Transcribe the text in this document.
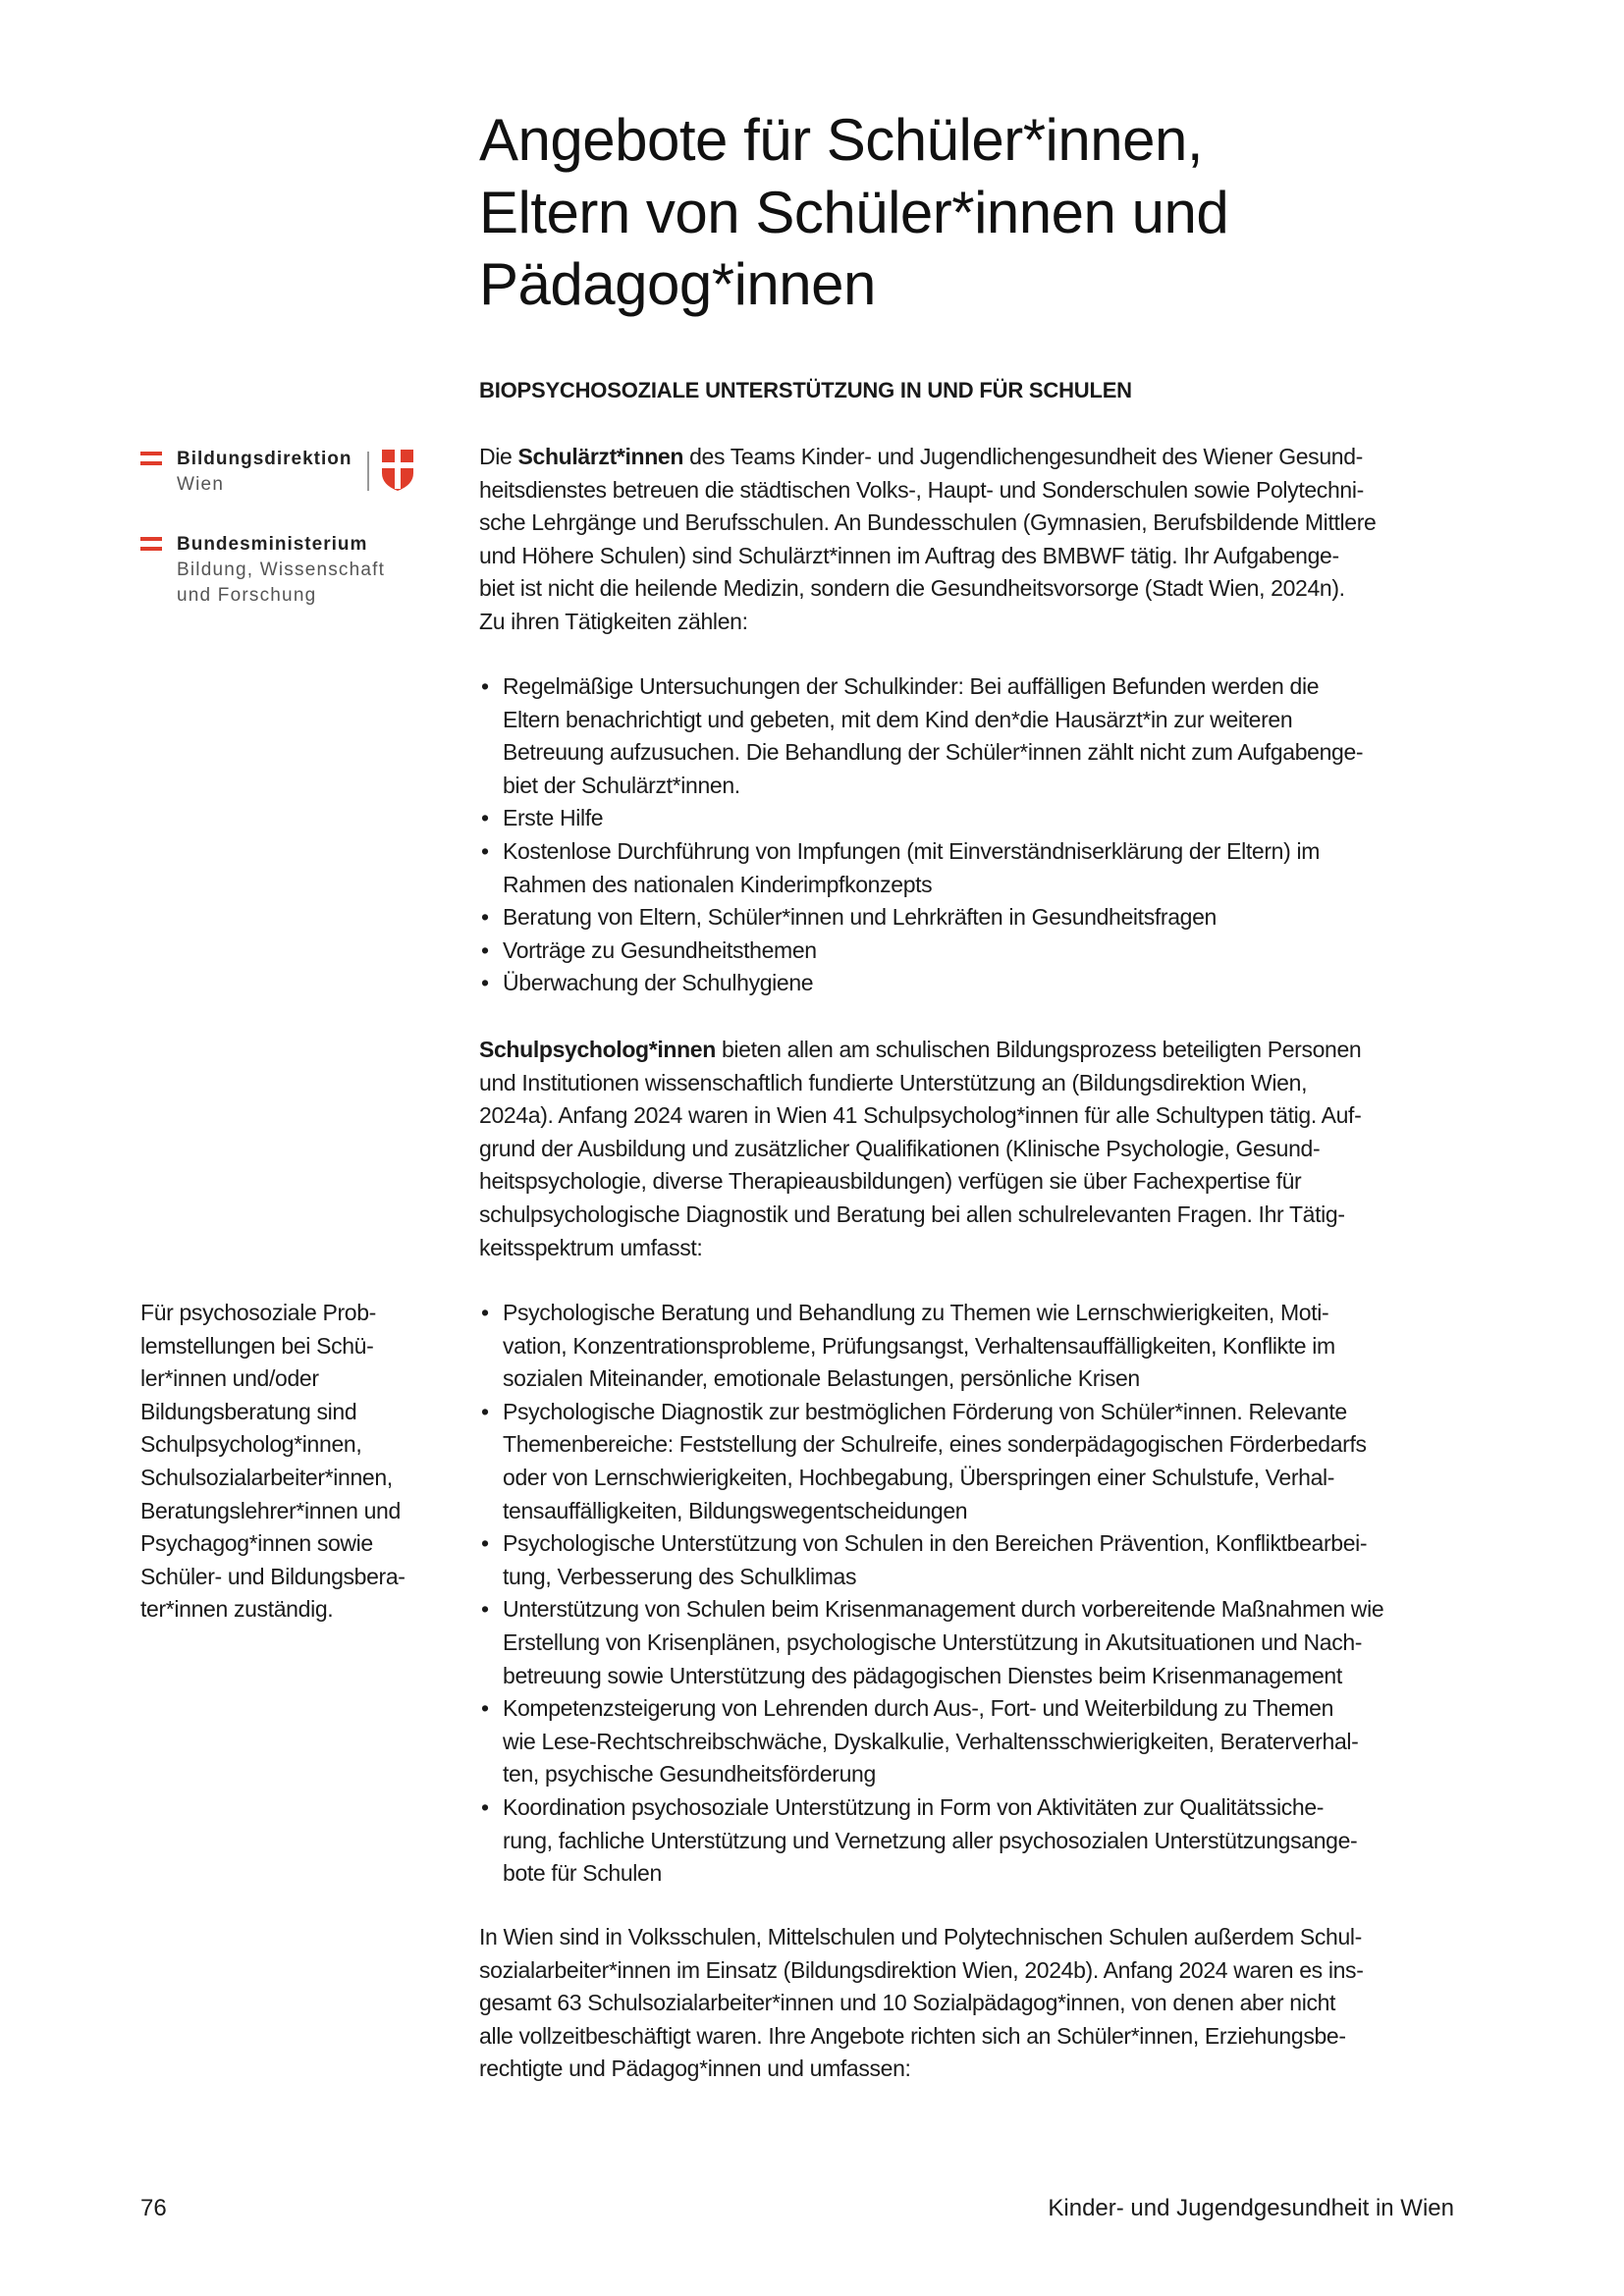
Angebote für Schüler*innen,
Eltern von Schüler*innen und
Pädagog*innen
BIOPSYCHOSOZIALE UNTERSTÜTZUNG IN UND FÜR SCHULEN
Bildungsdirektion
Wien
Bundesministerium
Bildung, Wissenschaft
und Forschung
Die Schulärzt*innen des Teams Kinder- und Jugendlichengesundheit des Wiener Gesund-
heitsdienstes betreuen die städtischen Volks-, Haupt- und Sonderschulen sowie Polytechni-
sche Lehrgänge und Berufsschulen. An Bundesschulen (Gymnasien, Berufsbildende Mittlere
und Höhere Schulen) sind Schulärzt*innen im Auftrag des BMBWF tätig. Ihr Aufgabenge-
biet ist nicht die heilende Medizin, sondern die Gesundheitsvorsorge (Stadt Wien, 2024n).
Zu ihren Tätigkeiten zählen:
• Regelmäßige Untersuchungen der Schulkinder: Bei auffälligen Befunden werden die
Eltern benachrichtigt und gebeten, mit dem Kind den*die Hausärzt*in zur weiteren
Betreuung aufzusuchen. Die Behandlung der Schüler*innen zählt nicht zum Aufgabenge-
biet der Schulärzt*innen.
• Erste Hilfe
• Kostenlose Durchführung von Impfungen (mit Einverständniserklärung der Eltern) im
Rahmen des nationalen Kinderimpfkonzepts
• Beratung von Eltern, Schüler*innen und Lehrkräften in Gesundheitsfragen
• Vorträge zu Gesundheitsthemen
• Überwachung der Schulhygiene
Schulpsycholog*innen bieten allen am schulischen Bildungsprozess beteiligten Personen
und Institutionen wissenschaftlich fundierte Unterstützung an (Bildungsdirektion Wien,
2024a). Anfang 2024 waren in Wien 41 Schulpsycholog*innen für alle Schultypen tätig. Auf-
grund der Ausbildung und zusätzlicher Qualifikationen (Klinische Psychologie, Gesund-
heitspsychologie, diverse Therapieausbildungen) verfügen sie über Fachexpertise für
schulpsychologische Diagnostik und Beratung bei allen schulrelevanten Fragen. Ihr Tätig-
keitsspektrum umfasst:
Für psychosoziale Prob-
lemstellungen bei Schü-
ler*innen und/oder
Bildungsberatung sind
Schulpsycholog*innen,
Schulsozialarbeiter*innen,
Beratungslehrer*innen und
Psychagog*innen sowie
Schüler- und Bildungsbera-
ter*innen zuständig.
• Psychologische Beratung und Behandlung zu Themen wie Lernschwierigkeiten, Moti-
vation, Konzentrationsprobleme, Prüfungsangst, Verhaltensauffälligkeiten, Konflikte im
sozialen Miteinander, emotionale Belastungen, persönliche Krisen
• Psychologische Diagnostik zur bestmöglichen Förderung von Schüler*innen. Relevante
Themenbereiche: Feststellung der Schulreife, eines sonderpädagogischen Förderbedarfs
oder von Lernschwierigkeiten, Hochbegabung, Überspringen einer Schulstufe, Verhal-
tensauffälligkeiten, Bildungswegentscheidungen
• Psychologische Unterstützung von Schulen in den Bereichen Prävention, Konfliktbearbei-
tung, Verbesserung des Schulklimas
• Unterstützung von Schulen beim Krisenmanagement durch vorbereitende Maßnahmen wie
Erstellung von Krisenplänen, psychologische Unterstützung in Akutsituationen und Nach-
betreuung sowie Unterstützung des pädagogischen Dienstes beim Krisenmanagement
• Kompetenzsteigerung von Lehrenden durch Aus-, Fort- und Weiterbildung zu Themen
wie Lese-Rechtschreibschwäche, Dyskalkulie, Verhaltensschwierigkeiten, Beraterverhal-
ten, psychische Gesundheitsförderung
• Koordination psychosoziale Unterstützung in Form von Aktivitäten zur Qualitätssiche-
rung, fachliche Unterstützung und Vernetzung aller psychosozialen Unterstützungsange-
bote für Schulen
In Wien sind in Volksschulen, Mittelschulen und Polytechnischen Schulen außerdem Schul-
sozialarbeiter*innen im Einsatz (Bildungsdirektion Wien, 2024b). Anfang 2024 waren es ins-
gesamt 63 Schulsozialarbeiter*innen und 10 Sozialpädagog*innen, von denen aber nicht
alle vollzeitbeschäftigt waren. Ihre Angebote richten sich an Schüler*innen, Erziehungsbe-
rechtigte und Pädagog*innen und umfassen:
76	Kinder- und Jugendgesundheit in Wien
